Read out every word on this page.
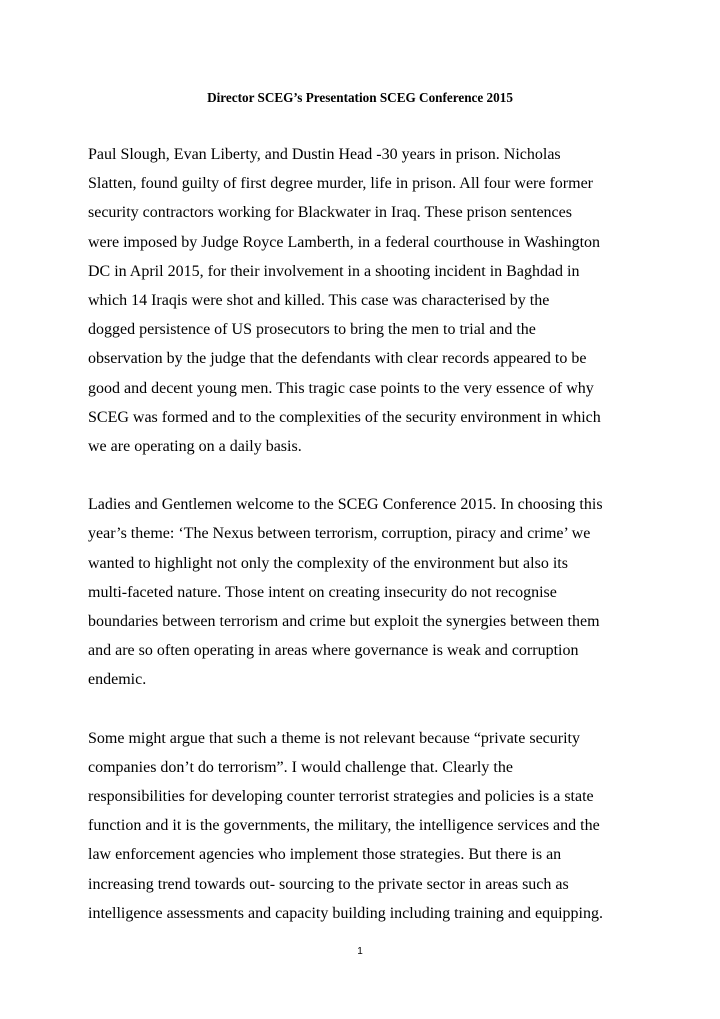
Director SCEG’s Presentation SCEG Conference 2015

Paul Slough, Evan Liberty, and Dustin Head -30 years in prison. Nicholas
Slatten, found guilty of first degree murder, life in prison. All four were former
security contractors working for Blackwater in Iraq. These prison sentences
were imposed by Judge Royce Lamberth, in a federal courthouse in Washington
DC in April 2015, for their involvement in a shooting incident in Baghdad in
which 14 Iraqis were shot and killed. This case was characterised by the
dogged persistence of US prosecutors to bring the men to trial and the
observation by the judge that the defendants with clear records appeared to be
good and decent young men. This tragic case points to the very essence of why
SCEG was formed and to the complexities of the security environment in which
we are operating on a daily basis.

Ladies and Gentlemen welcome to the SCEG Conference 2015. In choosing this
year’s theme: ‘The Nexus between terrorism, corruption, piracy and crime’ we
wanted to highlight not only the complexity of the environment but also its
multi-faceted nature. Those intent on creating insecurity do not recognise
boundaries between terrorism and crime but exploit the synergies between them
and are so often operating in areas where governance is weak and corruption
endemic.

Some might argue that such a theme is not relevant because “private security
companies don’t do terrorism”. I would challenge that. Clearly the
responsibilities for developing counter terrorist strategies and policies is a state
function and it is the governments, the military, the intelligence services and the
law enforcement agencies who implement those strategies. But there is an
increasing trend towards out- sourcing to the private sector in areas such as
intelligence assessments and capacity building including training and equipping.

1
